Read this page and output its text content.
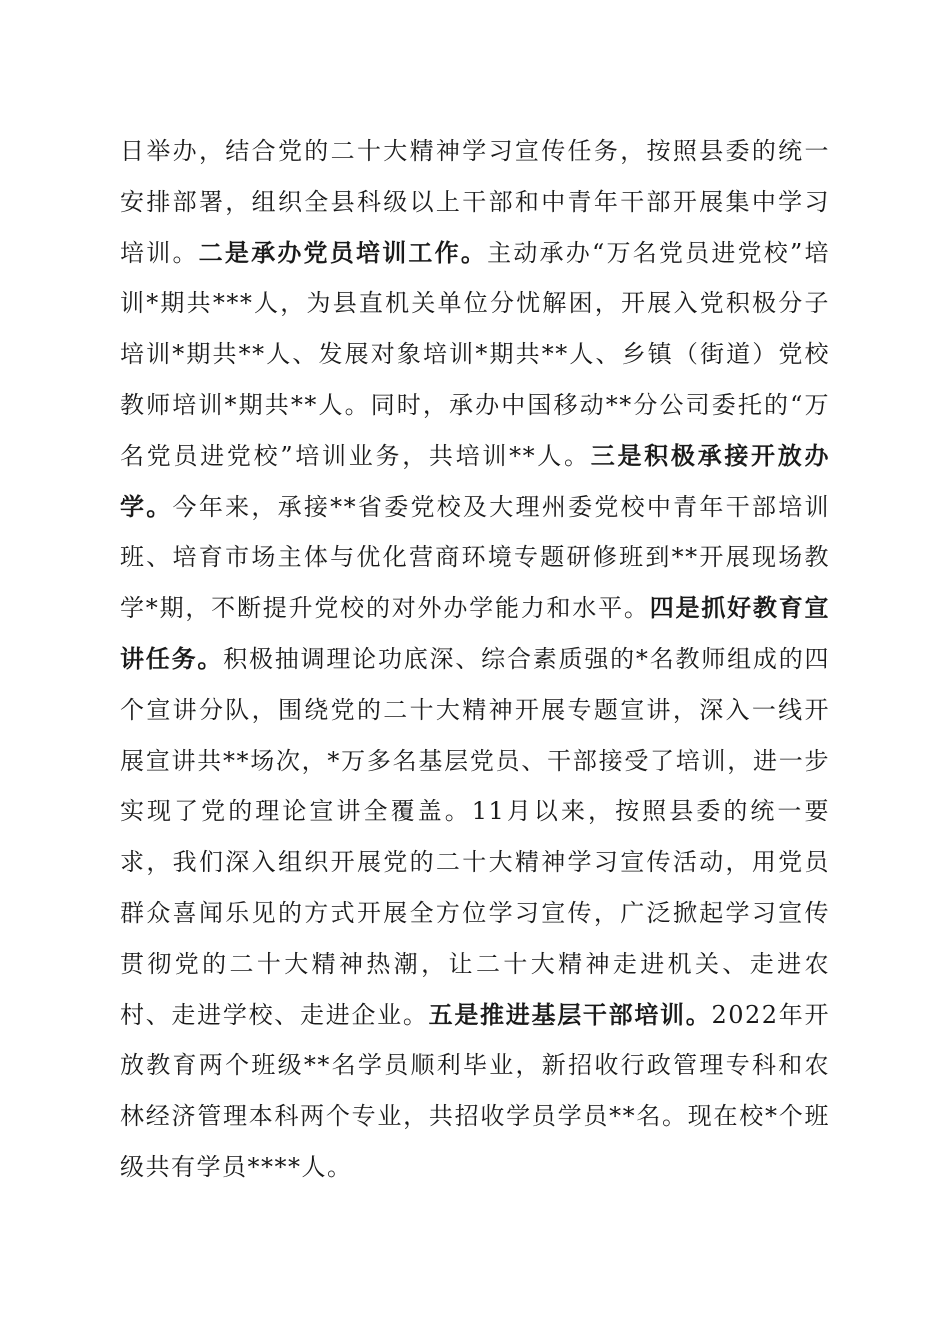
日举办，结合党的二十大精神学习宣传任务，按照县委的统一安排部署，组织全县科级以上干部和中青年干部开展集中学习培训。二是承办党员培训工作。主动承办“万名党员进党校”培训*期共***人，为县直机关单位分忧解困，开展入党积极分子培训*期共**人、发展对象培训*期共**人、乡镇（街道）党校教师培训*期共**人。同时，承办中国移动**分公司委托的“万名党员进党校”培训业务，共培训**人。三是积极承接开放办学。今年来，承接**省委党校及大理州委党校中青年干部培训班、培育市场主体与优化营商环境专题研修班到**开展现场教学*期，不断提升党校的对外办学能力和水平。四是抓好教育宣讲任务。积极抽调理论功底深、综合素质强的*名教师组成的四个宣讲分队，围绕党的二十大精神开展专题宣讲，深入一线开展宣讲共**场次，*万多名基层党员、干部接受了培训，进一步实现了党的理论宣讲全覆盖。11月以来，按照县委的统一要求，我们深入组织开展党的二十大精神学习宣传活动，用党员群众喜闻乐见的方式开展全方位学习宣传，广泛掀起学习宣传贯彻党的二十大精神热潮，让二十大精神走进机关、走进农村、走进学校、走进企业。五是推进基层干部培训。2022年开放教育两个班级**名学员顺利毕业，新招收行政管理专科和农林经济管理本科两个专业，共招收学员学员**名。现在校*个班级共有学员****人。
